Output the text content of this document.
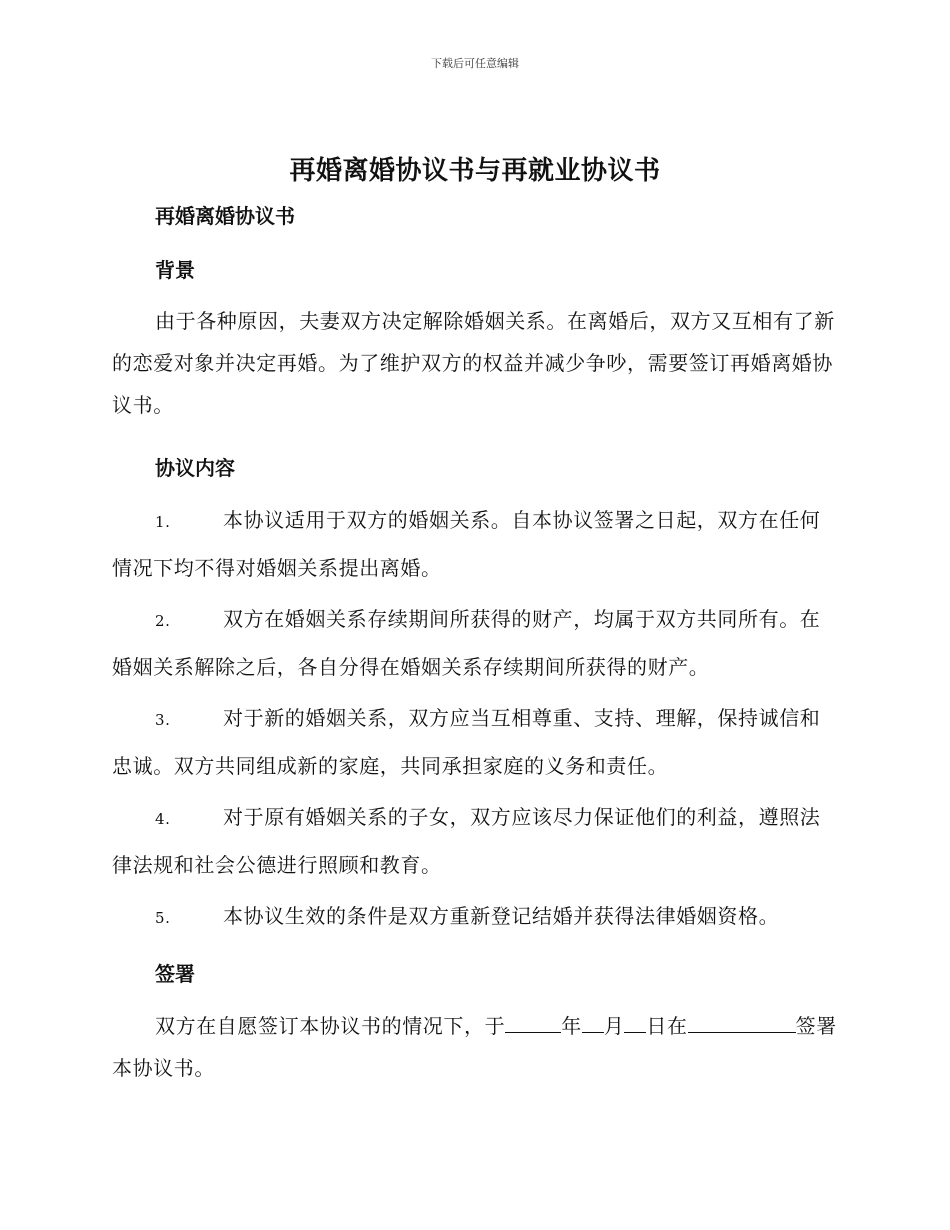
下载后可任意编辑
再婚离婚协议书与再就业协议书
再婚离婚协议书
背景

由于各种原因，夫妻双方决定解除婚姻关系。在离婚后，双方又互相有了新的恋爱对象并决定再婚。为了维护双方的权益并减少争吵，需要签订再婚离婚协议书。

协议内容

1.	本协议适用于双方的婚姻关系。自本协议签署之日起，双方在任何情况下均不得对婚姻关系提出离婚。

2.	双方在婚姻关系存续期间所获得的财产，均属于双方共同所有。在婚姻关系解除之后，各自分得在婚姻关系存续期间所获得的财产。

3.	对于新的婚姻关系，双方应当互相尊重、支持、理解，保持诚信和忠诚。双方共同组成新的家庭，共同承担家庭的义务和责任。

4.	对于原有婚姻关系的子女，双方应该尽力保证他们的利益，遵照法律法规和社会公德进行照顾和教育。

5.	本协议生效的条件是双方重新登记结婚并获得法律婚姻资格。

签署

双方在自愿签订本协议书的情况下，于	年 月 日在	签署本协议书。
